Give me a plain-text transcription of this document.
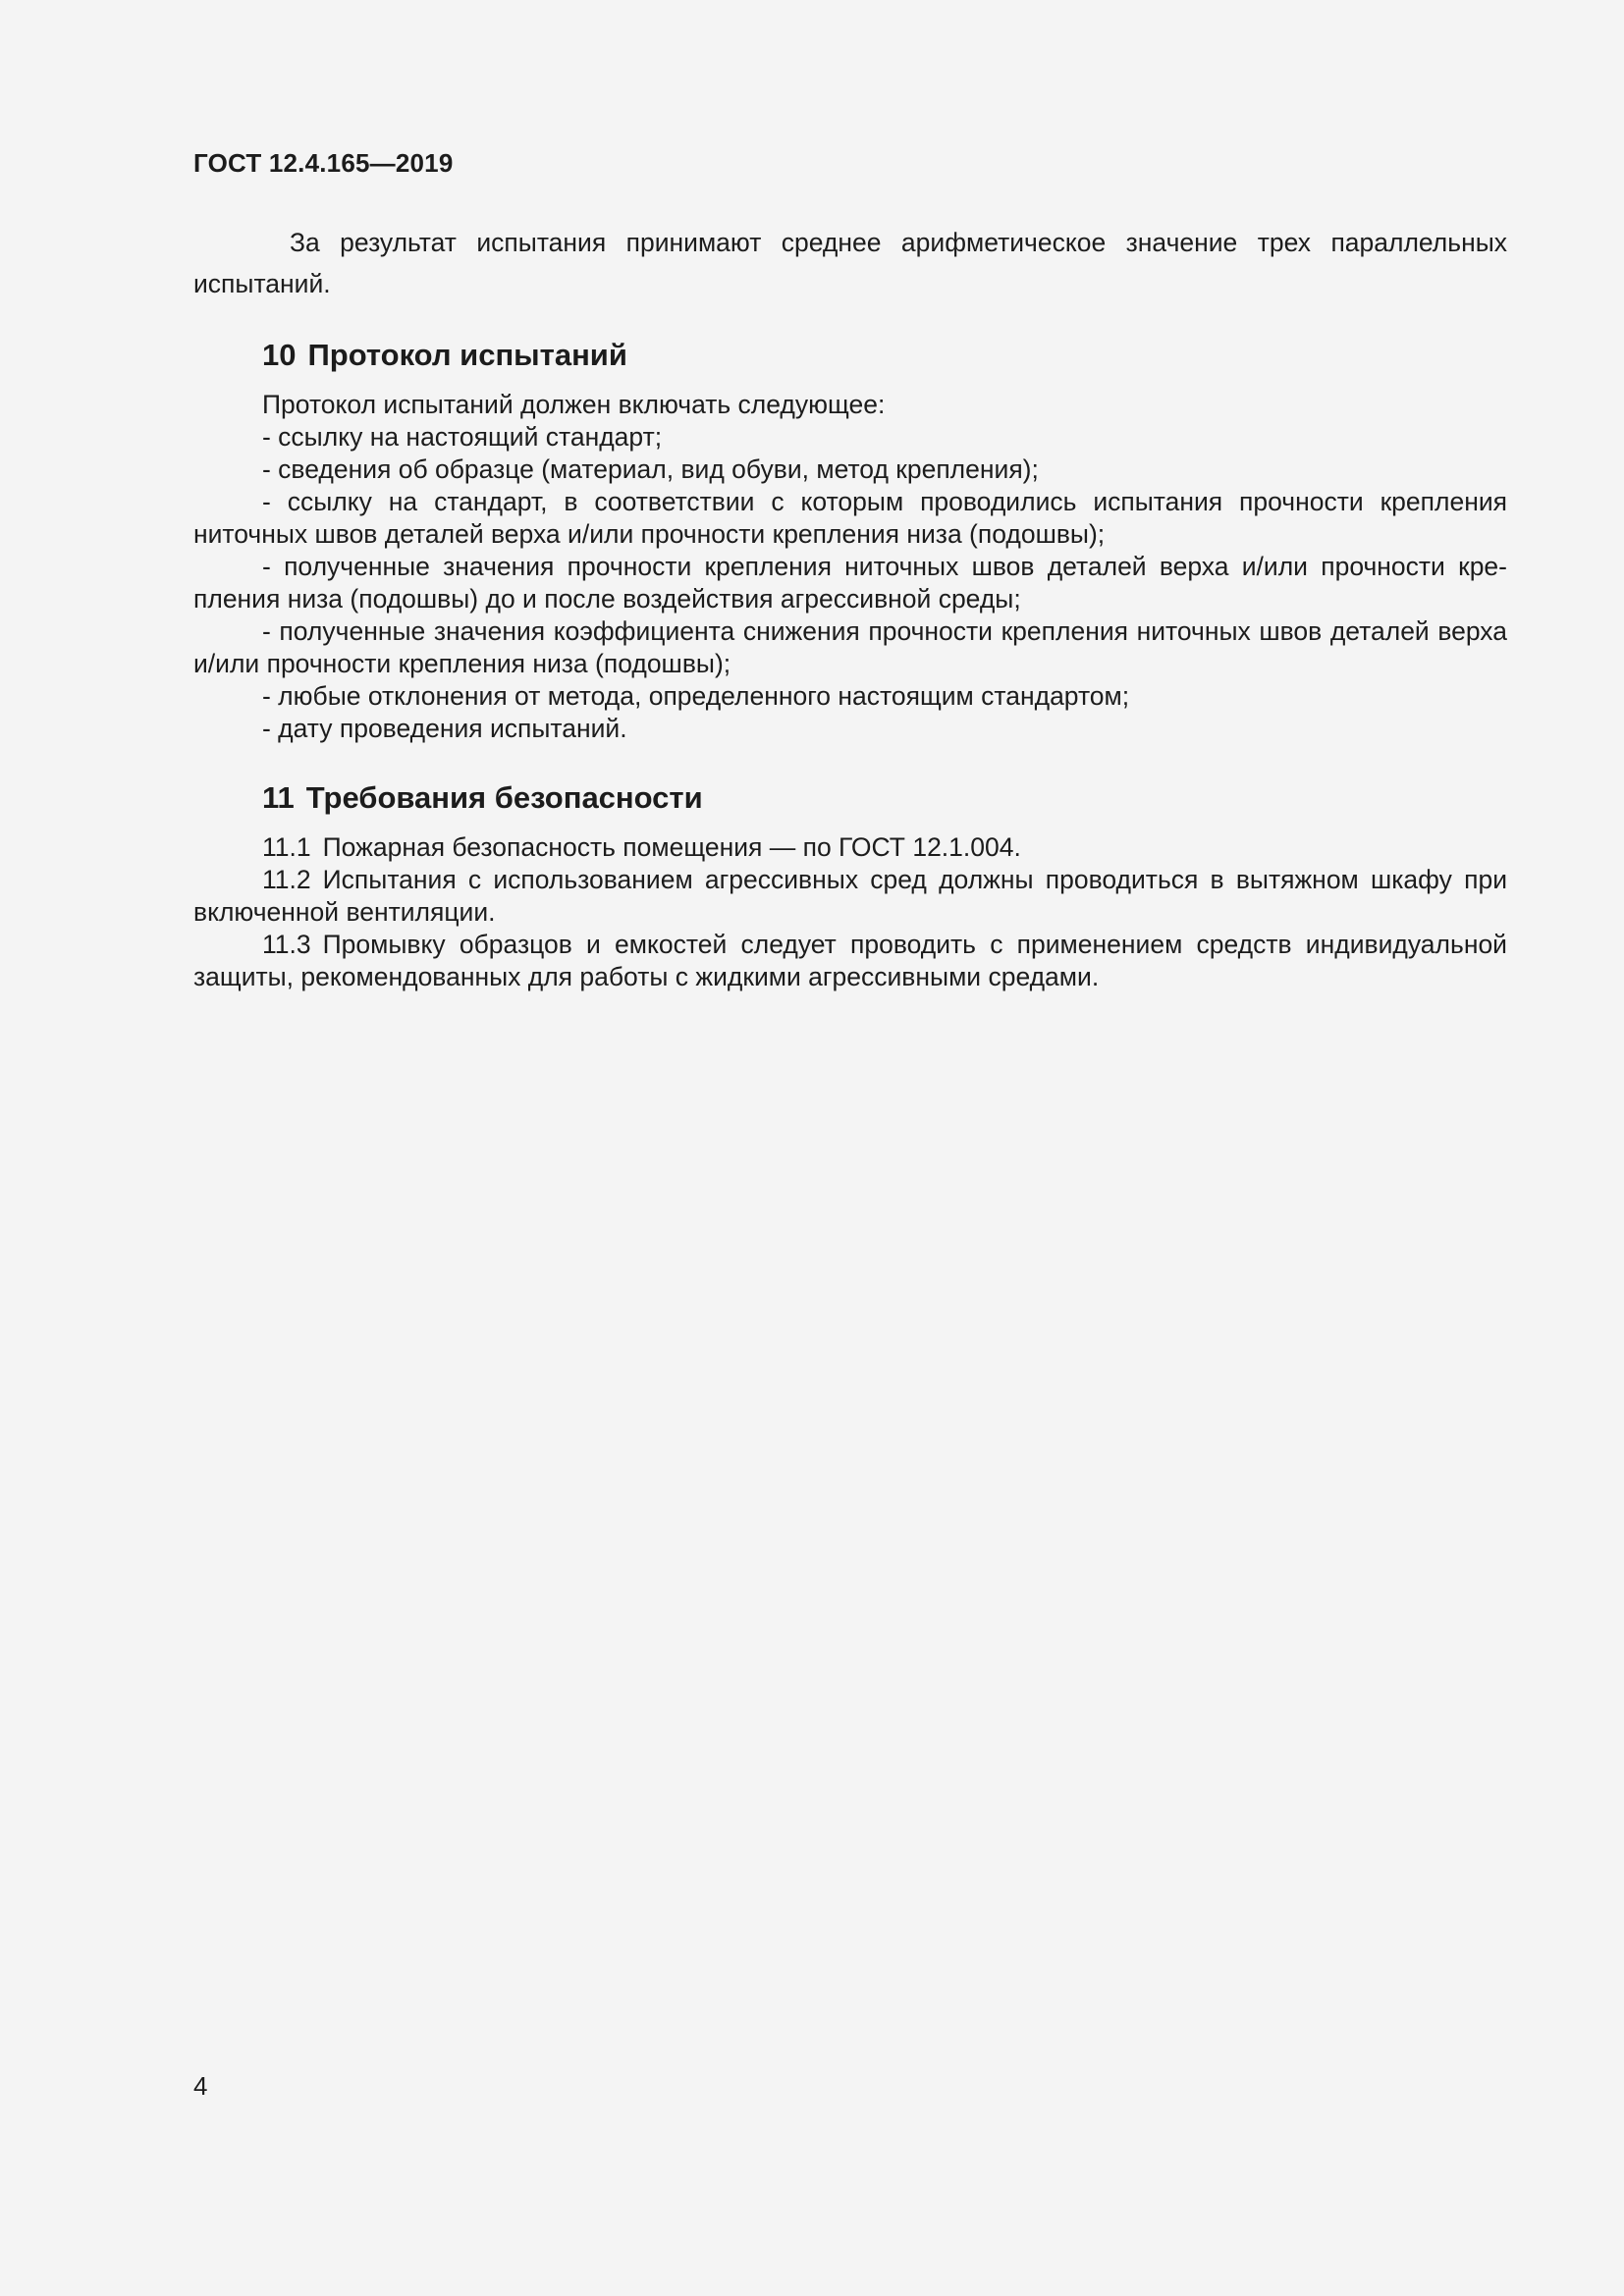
ГОСТ 12.4.165—2019

За результат испытания принимают среднее арифметическое значение трех параллельных испытаний.

10 Протокол испытаний

Протокол испытаний должен включать следующее:

- ссылку на настоящий стандарт;

- сведения об образце (материал, вид обуви, метод крепления);

- ссылку на стандарт, в соответствии с которым проводились испытания прочности крепления ниточных швов деталей верха и/или прочности крепления низа (подошвы);

- полученные значения прочности крепления ниточных швов деталей верха и/или прочности кре-пления низа (подошвы) до и после воздействия агрессивной среды;

- полученные значения коэффициента снижения прочности крепления ниточных швов деталей верха и/или прочности крепления низа (подошвы);

- любые отклонения от метода, определенного настоящим стандартом;

- дату проведения испытаний.

11 Требования безопасности

11.1 Пожарная безопасность помещения — по ГОСТ 12.1.004.

11.2 Испытания с использованием агрессивных сред должны проводиться в вытяжном шкафу при включенной вентиляции.

11.3 Промывку образцов и емкостей следует проводить с применением средств индивидуальной защиты, рекомендованных для работы с жидкими агрессивными средами.

4
